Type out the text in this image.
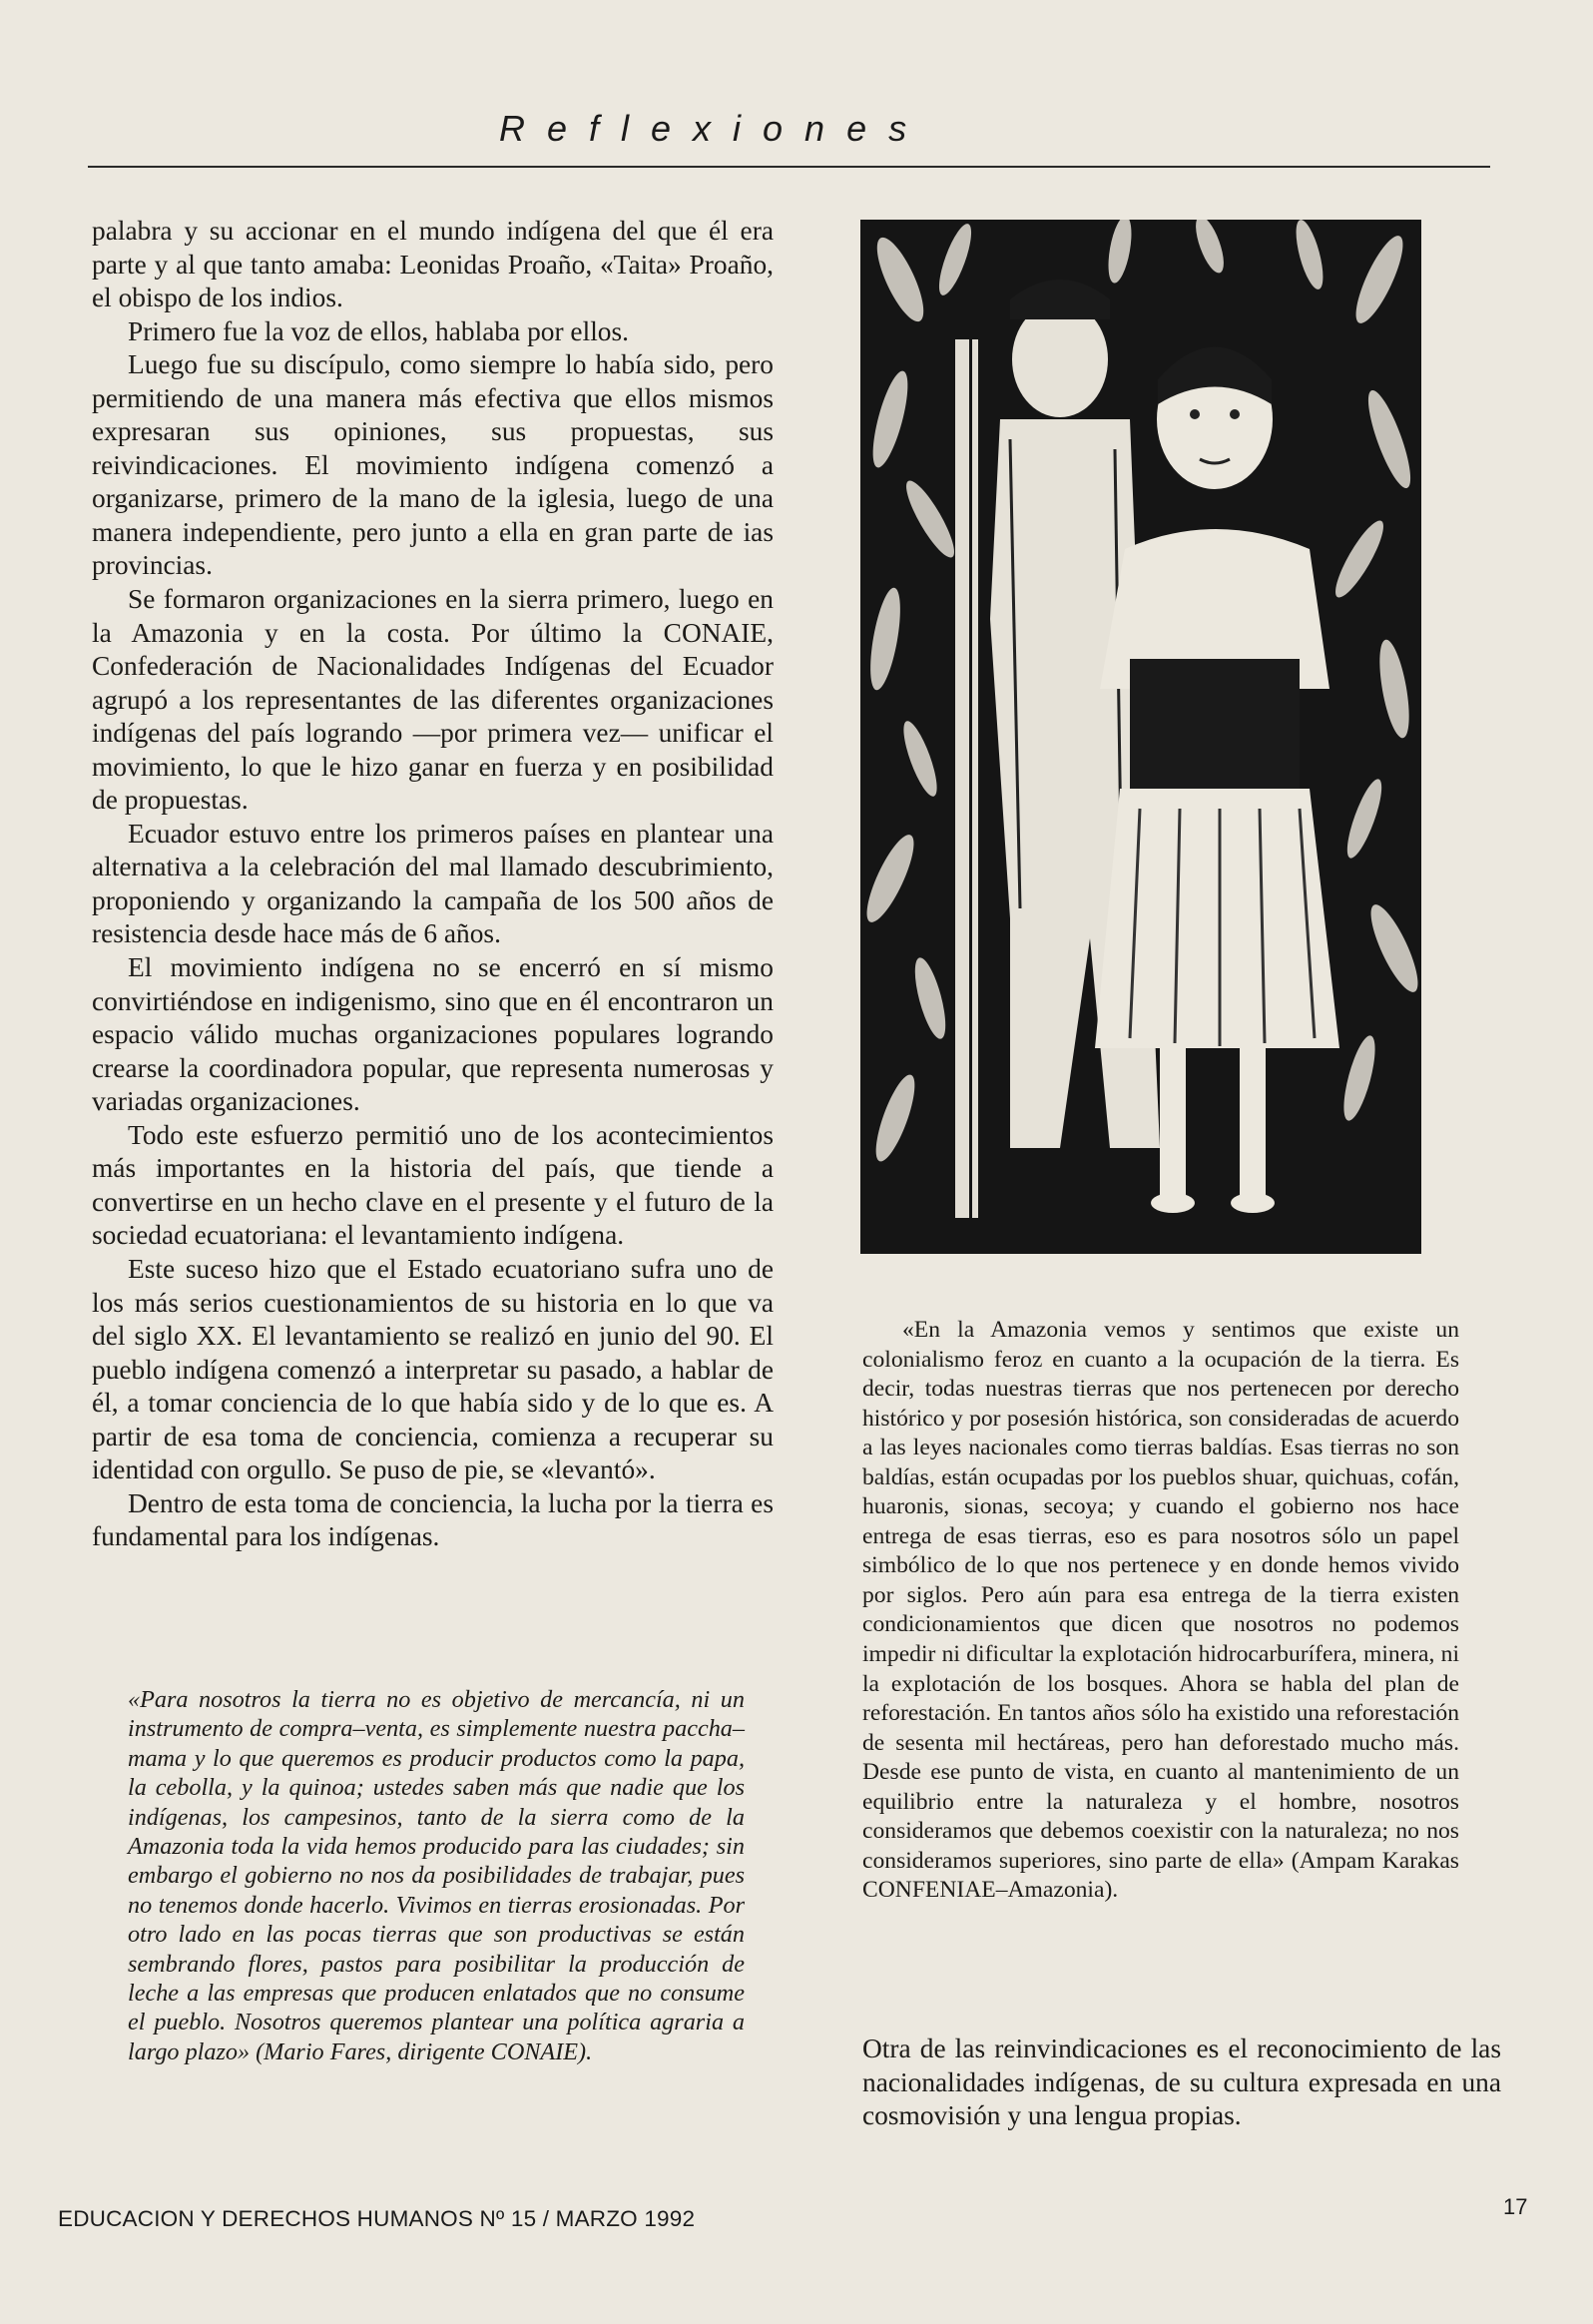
Reflexiones

palabra y su accionar en el mundo indígena del que él era parte y al que tanto amaba: Leonidas Proaño, «Taita» Proaño, el obispo de los indios.

Primero fue la voz de ellos, hablaba por ellos.

Luego fue su discípulo, como siempre lo había sido, pero permitiendo de una manera más efectiva que ellos mismos expresaran sus opiniones, sus propuestas, sus reivindicaciones. El movimiento indígena comenzó a organizarse, primero de la mano de la iglesia, luego de una manera independiente, pero junto a ella en gran parte de ias provincias.

Se formaron organizaciones en la sierra primero, luego en la Amazonia y en la costa. Por último la CONAIE, Confederación de Nacionalidades Indígenas del Ecuador agrupó a los representantes de las diferentes organizaciones indígenas del país logrando —por primera vez— unificar el movimiento, lo que le hizo ganar en fuerza y en posibilidad de propuestas.

Ecuador estuvo entre los primeros países en plantear una alternativa a la celebración del mal llamado descubrimiento, proponiendo y organizando la campaña de los 500 años de resistencia desde hace más de 6 años.

El movimiento indígena no se encerró en sí mismo convirtiéndose en indigenismo, sino que en él encontraron un espacio válido muchas organizaciones populares logrando crearse la coordinadora popular, que representa numerosas y variadas organizaciones.

Todo este esfuerzo permitió uno de los acontecimientos más importantes en la historia del país, que tiende a convertirse en un hecho clave en el presente y el futuro de la sociedad ecuatoriana: el levantamiento indígena.

Este suceso hizo que el Estado ecuatoriano sufra uno de los más serios cuestionamientos de su historia en lo que va del siglo XX. El levantamiento se realizó en junio del 90. El pueblo indígena comenzó a interpretar su pasado, a hablar de él, a tomar conciencia de lo que había sido y de lo que es. A partir de esa toma de conciencia, comienza a recuperar su identidad con orgullo. Se puso de pie, se «levantó».

Dentro de esta toma de conciencia, la lucha por la tierra es fundamental para los indígenas.

«Para nosotros la tierra no es objetivo de mercancía, ni un instrumento de compra–venta, es simplemente nuestra paccha–mama y lo que queremos es producir productos como la papa, la cebolla, y la quinoa; ustedes saben más que nadie que los indígenas, los campesinos, tanto de la sierra como de la Amazonia toda la vida hemos producido para las ciudades; sin embargo el gobierno no nos da posibilidades de trabajar, pues no tenemos donde hacerlo. Vivimos en tierras erosionadas. Por otro lado en las pocas tierras que son productivas se están sembrando flores, pastos para posibilitar la producción de leche a las empresas que producen enlatados que no consume el pueblo. Nosotros queremos plantear una política agraria a largo plazo» (Mario Fares, dirigente CONAIE).

«En la Amazonia vemos y sentimos que existe un colonialismo feroz en cuanto a la ocupación de la tierra. Es decir, todas nuestras tierras que nos pertenecen por derecho histórico y por posesión histórica, son consideradas de acuerdo a las leyes nacionales como tierras baldías. Esas tierras no son baldías, están ocupadas por los pueblos shuar, quichuas, cofán, huaronis, sionas, secoya; y cuando el gobierno nos hace entrega de esas tierras, eso es para nosotros sólo un papel simbólico de lo que nos pertenece y en donde hemos vivido por siglos. Pero aún para esa entrega de la tierra existen condicionamientos que dicen que nosotros no podemos impedir ni dificultar la explotación hidrocarburífera, minera, ni la explotación de los bosques. Ahora se habla del plan de reforestación. En tantos años sólo ha existido una reforestación de sesenta mil hectáreas, pero han deforestado mucho más. Desde ese punto de vista, en cuanto al mantenimiento de un equilibrio entre la naturaleza y el hombre, nosotros consideramos que debemos coexistir con la naturaleza; no nos consideramos superiores, sino parte de ella» (Ampam Karakas CONFENIAE–Amazonia).

Otra de las reinvindicaciones es el reconocimiento de las nacionalidades indígenas, de su cultura expresada en una cosmovisión y una lengua propias.

EDUCACION Y DERECHOS HUMANOS Nº 15 / MARZO 1992	17
